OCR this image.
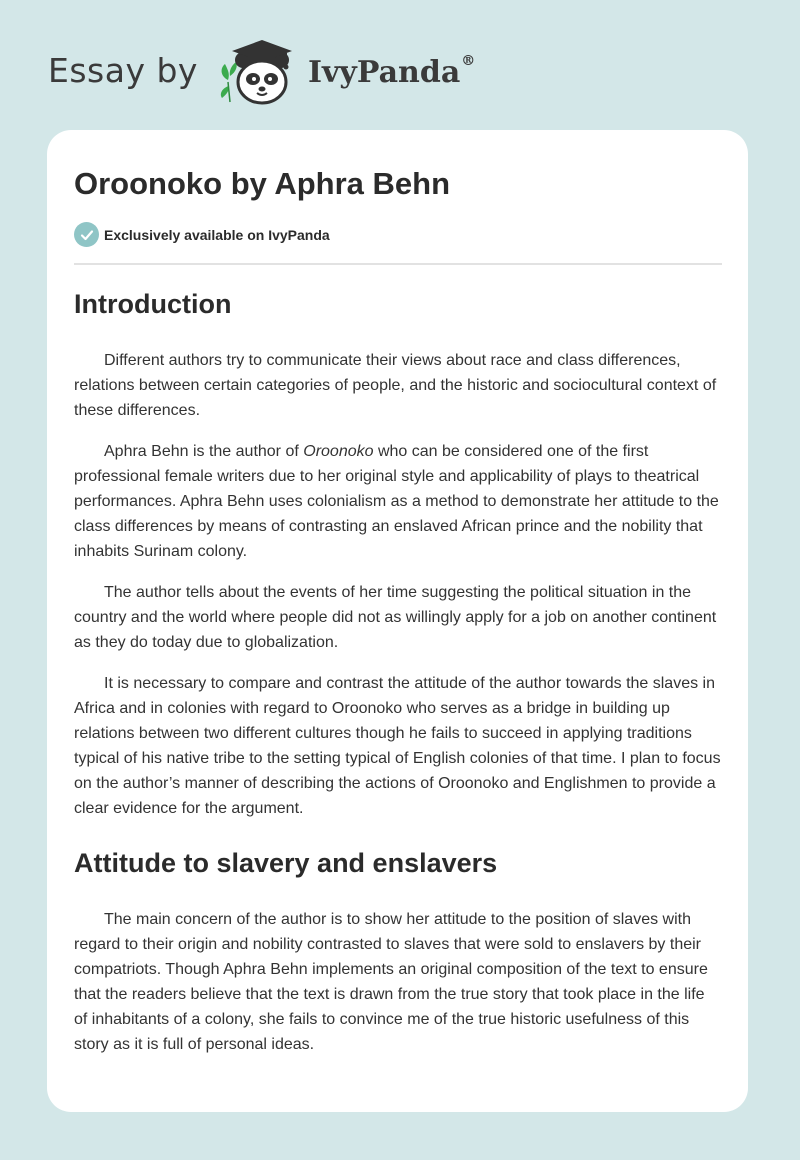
Essay by	IvyPanda®
Oroonoko by Aphra Behn
Exclusively available on IvyPanda
Introduction

Different authors try to communicate their views about race and class differences, relations between certain categories of people, and the historic and sociocultural context of these differences.

Aphra Behn is the author of Oroonoko who can be considered one of the first professional female writers due to her original style and applicability of plays to theatrical performances. Aphra Behn uses colonialism as a method to demonstrate her attitude to the class differences by means of contrasting an enslaved African prince and the nobility that inhabits Surinam colony.

The author tells about the events of her time suggesting the political situation in the country and the world where people did not as willingly apply for a job on another continent as they do today due to globalization.

It is necessary to compare and contrast the attitude of the author towards the slaves in Africa and in colonies with regard to Oroonoko who serves as a bridge in building up relations between two different cultures though he fails to succeed in applying traditions typical of his native tribe to the setting typical of English colonies of that time. I plan to focus on the author’s manner of describing the actions of Oroonoko and Englishmen to provide a clear evidence for the argument.

Attitude to slavery and enslavers

The main concern of the author is to show her attitude to the position of slaves with regard to their origin and nobility contrasted to slaves that were sold to enslavers by their compatriots. Though Aphra Behn implements an original composition of the text to ensure that the readers believe that the text is drawn from the true story that took place in the life of inhabitants of a colony, she fails to convince me of the true historic usefulness of this story as it is full of personal ideas.
